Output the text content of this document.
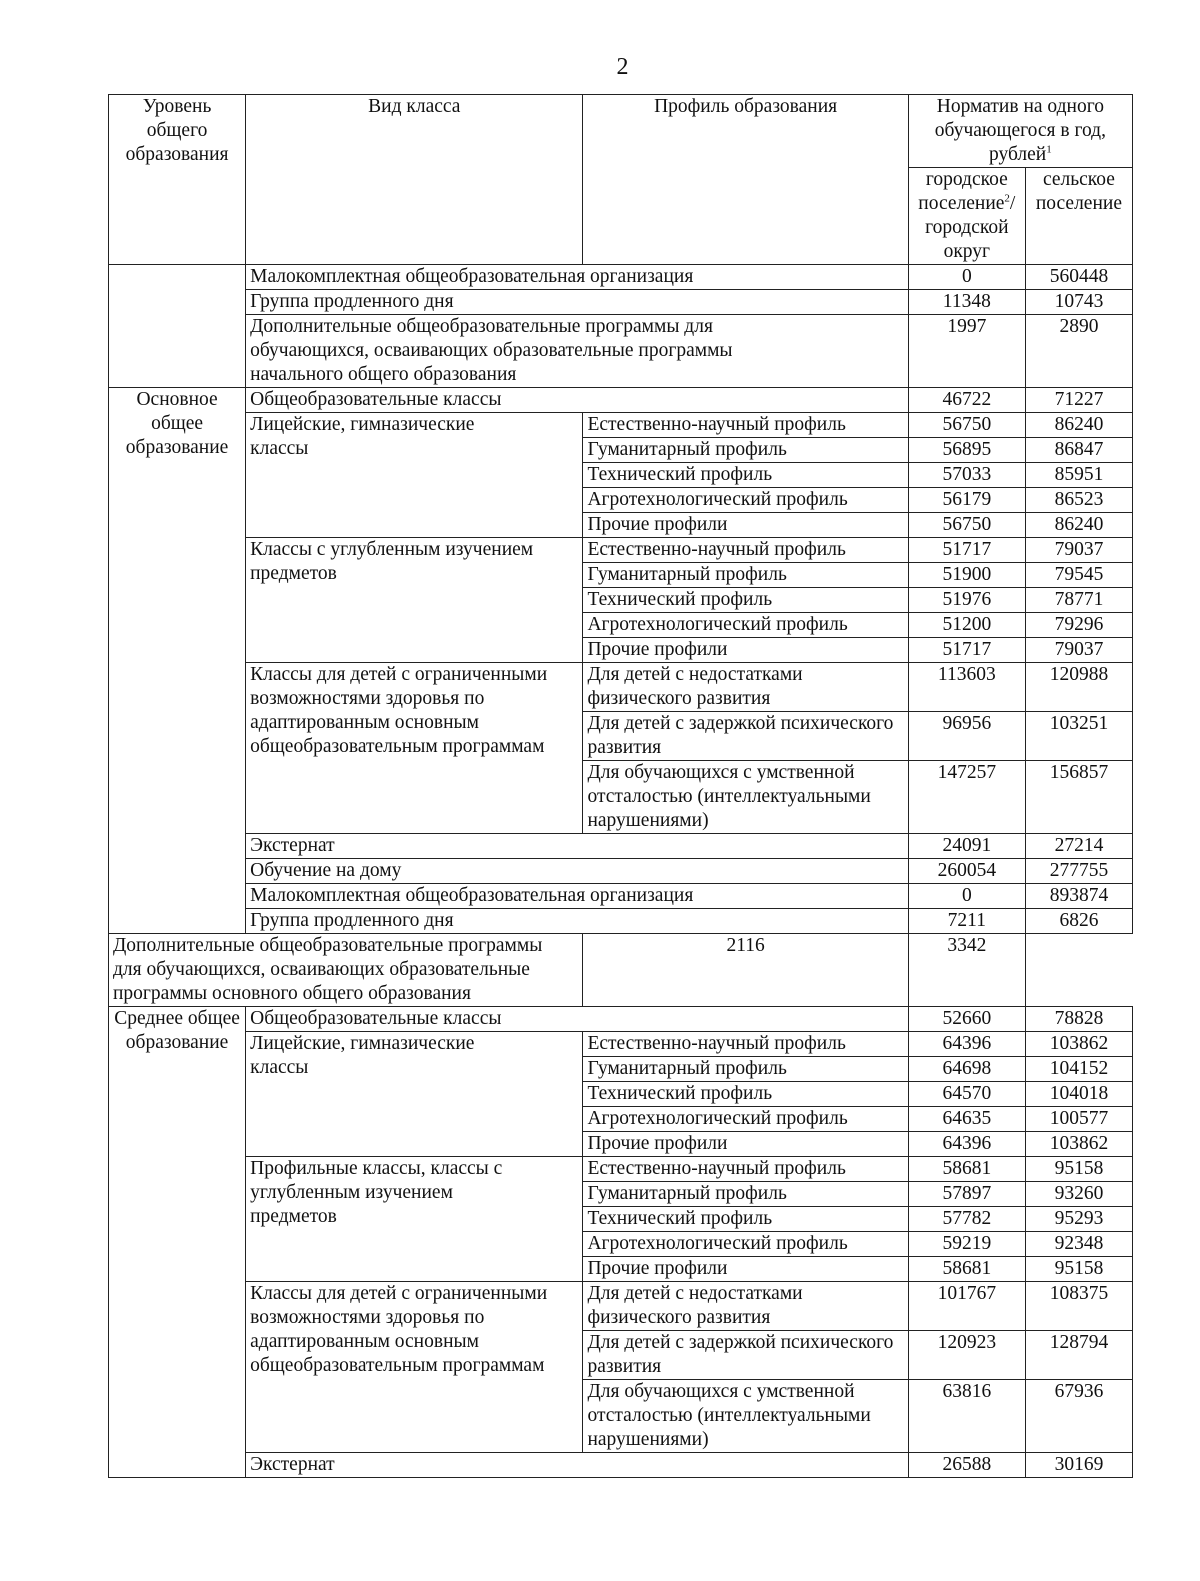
2
Уровень общего образования	Вид класса	Профиль образования	Норматив на одного обучающегося в год, рублей$^1$
			городское поселение$^2$/ городской округ	сельское поселение
	Малокомплектная общеобразовательная организация		0	560448
	Группа продленного дня		11348	10743
	Дополнительные общеобразовательные программы для обучающихся, осваивающих образовательные программы начального общего образования		1997	2890
Основное общее образование	Общеобразовательные классы		46722	71227
	Лицейские, гимназические классы	Естественно-научный профиль	56750	86240
		Гуманитарный профиль	56895	86847
		Технический профиль	57033	85951
		Агротехнологический профиль	56179	86523
		Прочие профили	56750	86240
	Классы с углубленным изучением предметов	Естественно-научный профиль	51717	79037
		Гуманитарный профиль	51900	79545
		Технический профиль	51976	78771
		Агротехнологический профиль	51200	79296
		Прочие профили	51717	79037
	Классы для детей с ограниченными возможностями здоровья по адаптированным основным общеобразовательным программам	Для детей с недостатками физического развития	113603	120988
		Для детей с задержкой психического развития	96956	103251
		Для обучающихся с умственной отсталостью (интеллектуальными нарушениями)	147257	156857
	Экстернат		24091	27214
	Обучение на дому		260054	277755
	Малокомплектная общеобразовательная организация		0	893874
	Группа продленного дня		7211	6826
Дополнительные общеобразовательные программы для обучающихся, осваивающих образовательные программы основного общего образования		2116	3342	
Среднее общее образование	Общеобразовательные классы		52660	78828
	Лицейские, гимназические классы	Естественно-научный профиль	64396	103862
		Гуманитарный профиль	64698	104152
		Технический профиль	64570	104018
		Агротехнологический профиль	64635	100577
		Прочие профили	64396	103862
	Профильные классы, классы с углубленным изучением предметов	Естественно-научный профиль	58681	95158
		Гуманитарный профиль	57897	93260
		Технический профиль	57782	95293
		Агротехнологический профиль	59219	92348
		Прочие профили	58681	95158
	Классы для детей с ограниченными возможностями здоровья по адаптированным основным общеобразовательным программам	Для детей с недостатками физического развития	101767	108375
		Для детей с задержкой психического развития	120923	128794
		Для обучающихся с умственной отсталостью (интеллектуальными нарушениями)	63816	67936
	Экстернат		26588	30169
